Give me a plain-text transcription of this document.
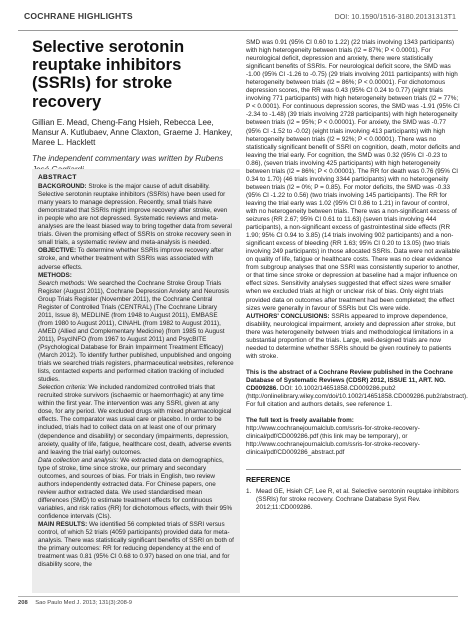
COCHRANE HIGHLIGHTS	DOI: 10.1590/1516-3180.20131313T1
Selective serotonin reuptake inhibitors (SSRIs) for stroke recovery

Gillian E. Mead, Cheng-Fang Hsieh, Rebecca Lee, Mansur A. Kutlubaev, Anne Claxton, Graeme J. Hankey, Maree L. Hacklett

The independent commentary was written by Rubens

ABSTRACT

BACKGROUND: Stroke is the major cause of adult disability. Selective serotonin reuptake inhibitors (SSRIs) have been used for many years to manage depression. Recently, small trials have demonstrated that SSRIs might improve recovery after stroke, even in people who are not depressed. Systematic reviews and meta-analyses are the least biased way to bring together data from several trials. Given the promising effect of SSRIs on stroke recovery seen in small trials, a systematic review and meta-analysis is needed.

OBJECTIVE: To determine whether SSRIs improve recovery after stroke, and whether treatment with SSRIs was associated with adverse effects.

METHODS:

Search methods: We searched the Cochrane Stroke Group Trials Register (August 2011), Cochrane Depression Anxiety and Neurosis Group Trials Register (November 2011), the Cochrane Central Register of Controlled Trials (CENTRAL) (The Cochrane Library 2011, Issue 8), MEDLINE (from 1948 to August 2011), EMBASE (from 1980 to August 2011), CINAHL (from 1982 to August 2011), AMED (Allied and Complementary Medicine) (from 1985 to August 2011), PsycINFO (from 1967 to August 2011) and PsycBITE (Psychological Database for Brain Impairment Treatment Efficacy) (March 2012). To identify further published, unpublished and ongoing trials we searched trials registers, pharmaceutical websites, reference lists, contacted experts and performed citation tracking of included studies.

Selection criteria: We included randomized controlled trials that recruited stroke survivors (ischaemic or haemorrhagic) at any time within the first year. The intervention was any SSRI, given at any dose, for any period. We excluded drugs with mixed pharmacological effects. The comparator was usual care or placebo. In order to be included, trials had to collect data on at least one of our primary (dependence and disability) or secondary (impairments, depression, anxiety, quality of life, fatigue, healthcare cost, death, adverse events and leaving the trial early) outcomes.

Data collection and analysis: We extracted data on demographics, type of stroke, time since stroke, our primary and secondary outcomes, and sources of bias. For trials in English, two review authors independently extracted data. For Chinese papers, one review author extracted data. We used standardised mean differences (SMD) to estimate treatment effects for continuous variables, and risk ratios (RR) for dichotomous effects, with their 95% confidence intervals (CIs).

MAIN RESULTS: We identified 56 completed trials of SSRI versus control, of which 52 trials (4059 participants) provided data for meta-analysis. There was statistically significant benefits of SSRI on both of the primary outcomes: RR for reducing dependency at the end of treatment was 0.81 (95% CI 0.68 to 0.97) based on one trial, and for disability score, the

SMD was 0.91 (95% CI 0.60 to 1.22) (22 trials involving 1343 participants) with high heterogeneity between trials (I2 = 87%; P < 0.0001). For neurological deficit, depression and anxiety, there were statistically significant benefits of SSRIs. For neurological deficit score, the SMD was -1.00 (95% CI -1.26 to -0.75) (29 trials involving 2011 participants) with high heterogeneity between trials (I2 = 86%; P < 0.00001). For dichotomous depression scores, the RR was 0.43 (95% CI 0.24 to 0.77) (eight trials involving 771 participants) with high heterogeneity between trials (I2 = 77%; P < 0.0001). For continuous depression scores, the SMD was -1.91 (95% CI -2.34 to -1.48) (39 trials involving 2728 participants) with high heterogeneity between trials (I2 = 95%; P < 0.00001). For anxiety, the SMD was -0.77 (95% CI -1.52 to -0.02) (eight trials involving 413 participants) with high heterogeneity between trials (I2 = 92%; P < 0.00001). There was no statistically significant benefit of SSRI on cognition, death, motor deficits and leaving the trial early. For cognition, the SMD was 0.32 (95% CI -0.23 to 0.86), (seven trials involving 425 participants) with high heterogeneity between trials (I2 = 86%; P < 0.00001). The RR for death was 0.76 (95% CI 0.34 to 1.70) (46 trials involving 3344 participants) with no heterogeneity between trials (I2 = 0%; P = 0.85). For motor deficits, the SMD was -0.33 (95% CI -1.22 to 0.56) (two trials involving 145 participants). The RR for leaving the trial early was 1.02 (95% CI 0.86 to 1.21) in favour of control, with no heterogeneity between trials. There was a non-significant excess of seizures (RR 2.67; 95% CI 0.61 to 11.63) (seven trials involving 444 participants), a non-significant excess of gastrointestinal side effects (RR 1.90; 95% CI 0.94 to 3.85) (14 trials involving 902 participants) and a non-significant excess of bleeding (RR 1.63; 95% CI 0.20 to 13.05) (two trials involving 249 participants) in those allocated SSRIs. Data were not available on quality of life, fatigue or healthcare costs. There was no clear evidence from subgroup analyses that one SSRI was consistently superior to another, or that time since stroke or depression at baseline had a major influence on effect sizes. Sensitivity analyses suggested that effect sizes were smaller when we excluded trials at high or unclear risk of bias. Only eight trials provided data on outcomes after treatment had been completed; the effect sizes were generally in favour of SSRIs but CIs were wide.

AUTHORS' CONCLUSIONS: SSRIs appeared to improve dependence, disability, neurological impairment, anxiety and depression after stroke, but there was heterogeneity between trials and methodological limitations in a substantial proportion of the trials. Large, well-designed trials are now needed to determine whether SSRIs should be given routinely to patients with stroke.

This is the abstract of a Cochrane Review published in the Cochrane Database of Systematic Reviews (CDSR) 2012, ISSUE 11, ART. NO. CD009286. DOI: 10.1002/14651858.CD009286.pub2 (http://onlinelibrary.wiley.com/doi/10.1002/14651858.CD009286.pub2/abstract). For full citation and authors details, see reference 1.

The full text is freely available from: http://www.cochranejournalclub.com/ssris-for-stroke-recovery-clinical/pdf/CD009286.pdf (this link may be temporary), or http://www.cochranejournalclub.com/ssris-for-stroke-recovery-clinical/pdf/CD009286_abstract.pdf

REFERENCE
1. Mead GE, Hsieh CF, Lee R, et al. Selective serotonin reuptake inhibitors (SSRIs) for stroke recovery. Cochrane Database Syst Rev. 2012;11:CD009286.
208 Sao Paulo Med J. 2013; 131(3):208-9
